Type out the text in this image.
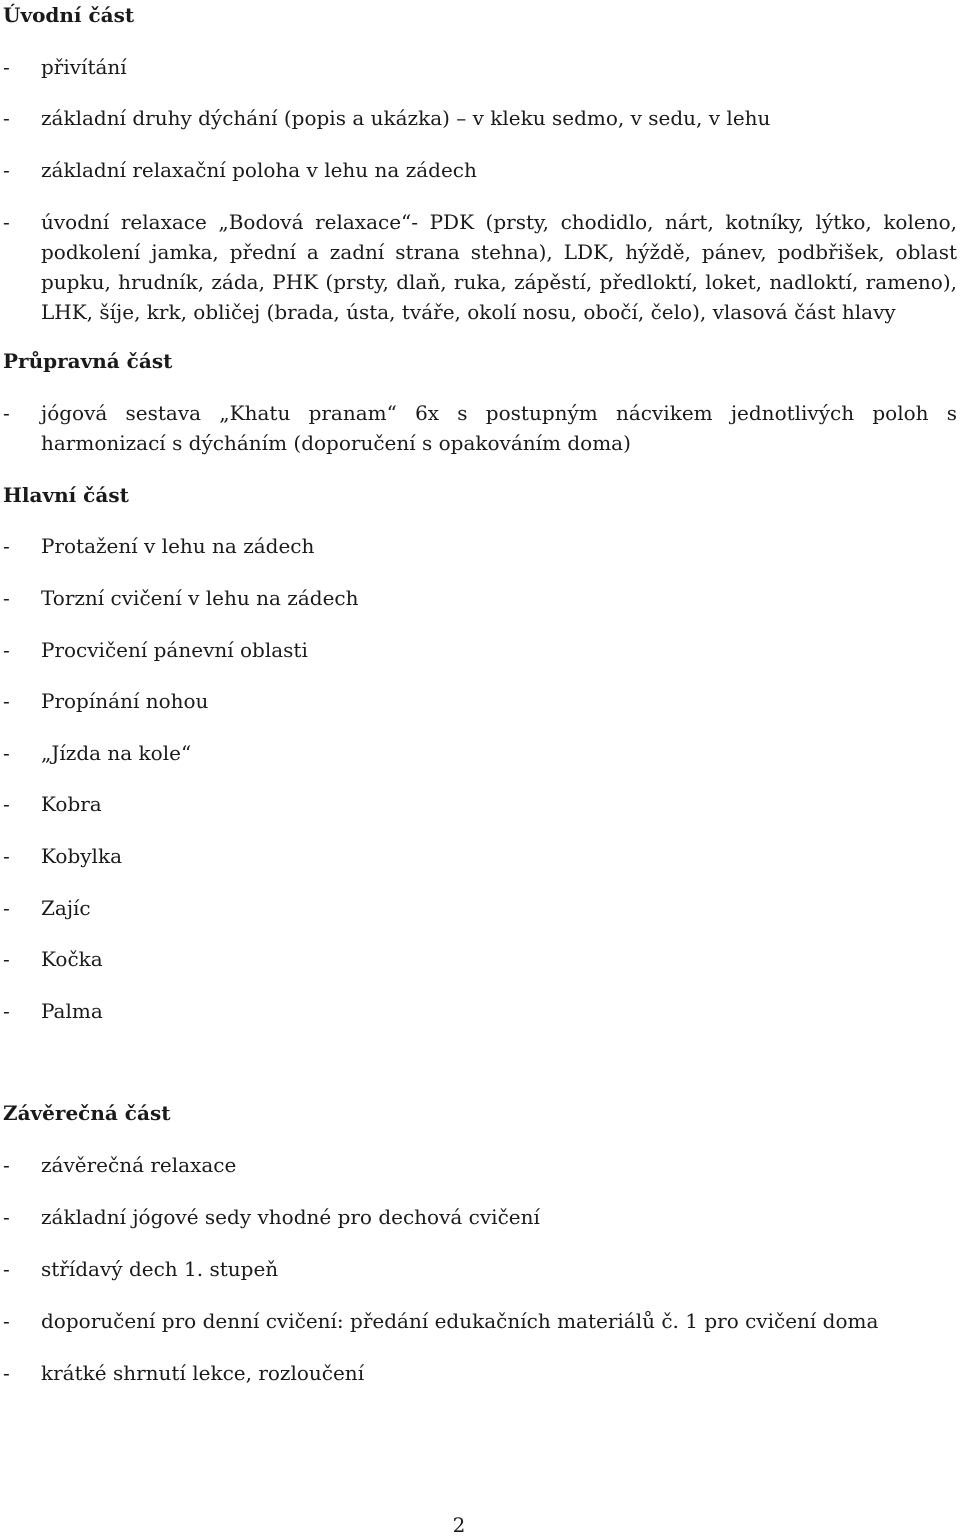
Úvodní část
- přivítání
- základní druhy dýchání (popis a ukázka) – v kleku sedmo, v sedu, v lehu
- základní relaxační poloha v lehu na zádech
- úvodní relaxace „Bodová relaxace“- PDK (prsty, chodidlo, nárt, kotníky, lýtko, koleno, podkolení jamka, přední a zadní strana stehna), LDK, hýždě, pánev, podbřišek, oblast pupku, hrudník, záda, PHK (prsty, dlaň, ruka, zápěstí, předloktí, loket, nadloktí, rameno), LHK, šíje, krk, obličej (brada, ústa, tváře, okolí nosu, obočí, čelo), vlasová část hlavy
Průpravná část
- jógová sestava „Khatu pranam“ 6x s postupným nácvikem jednotlivých poloh s harmonizací s dýcháním (doporučení s opakováním doma)
Hlavní část
- Protažení v lehu na zádech
- Torzní cvičení v lehu na zádech
- Procvičení pánevní oblasti
- Propínání nohou
- „Jízda na kole“
- Kobra
- Kobylka
- Zajíc
- Kočka
- Palma
Závěrečná část
- závěrečná relaxace
- základní jógové sedy vhodné pro dechová cvičení
- střídavý dech 1. stupeň
- doporučení pro denní cvičení: předání edukačních materiálů č. 1 pro cvičení doma
- krátké shrnutí lekce, rozloučení
2
